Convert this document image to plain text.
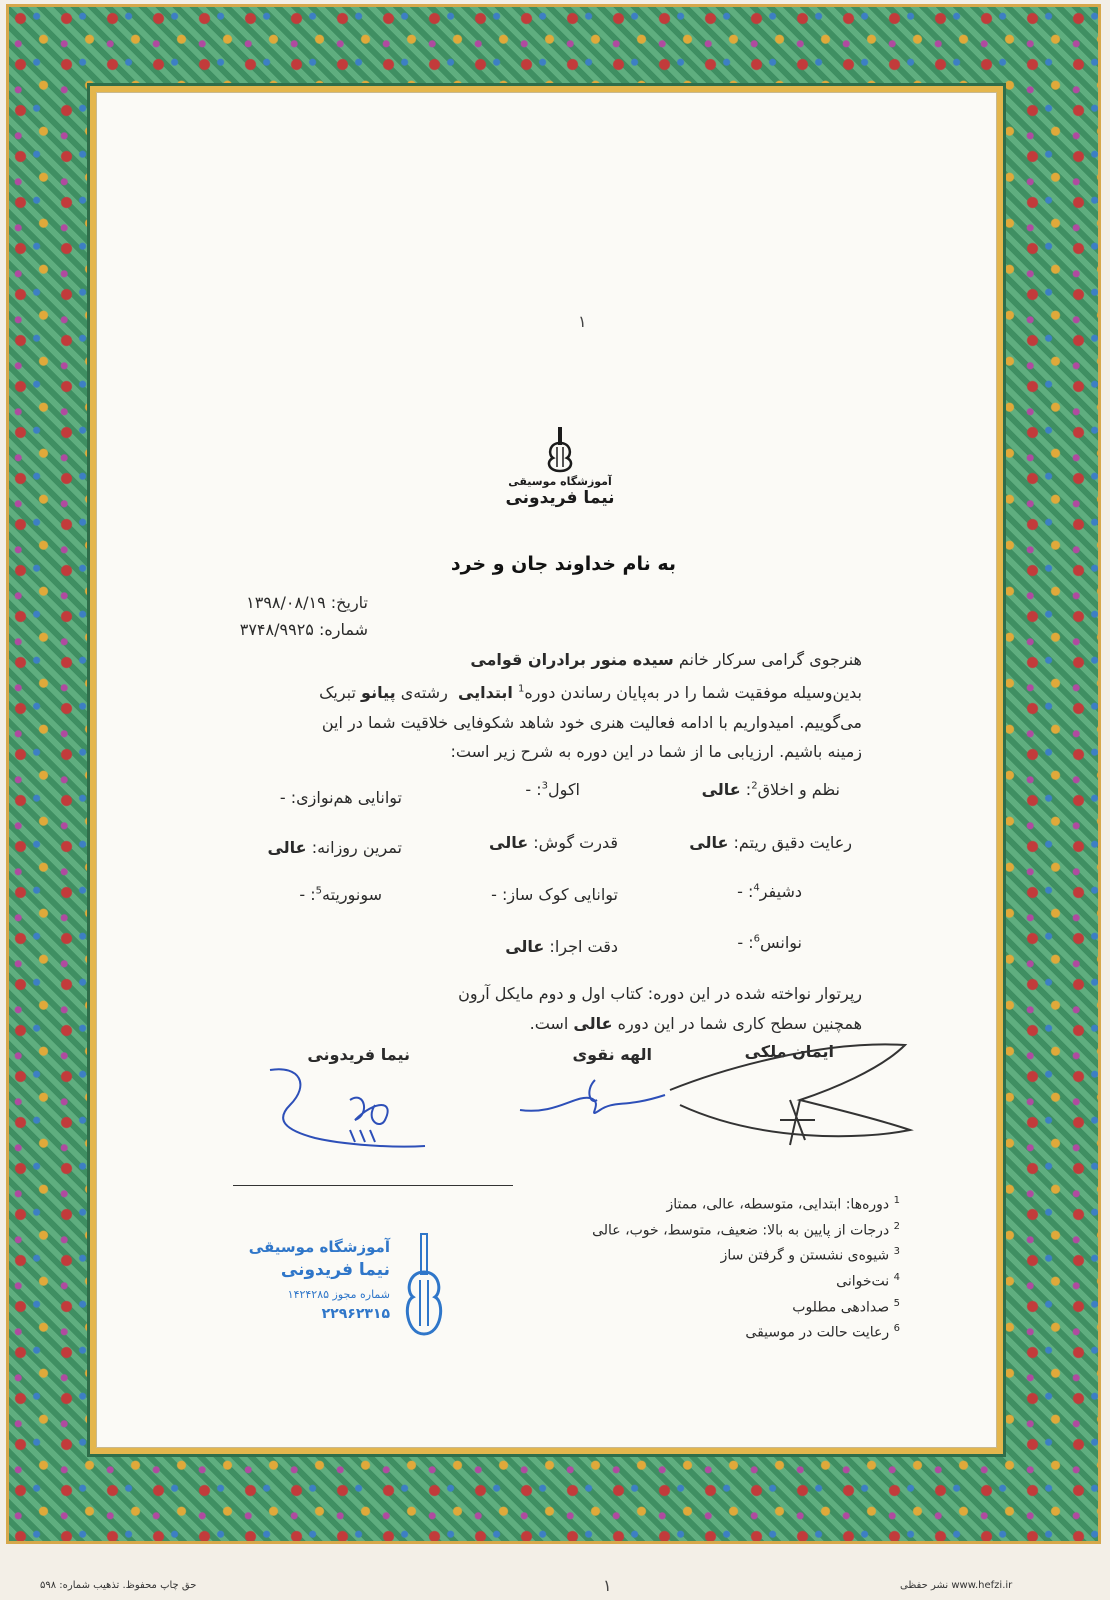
۱
آموزشگاه موسیقی
نیما فریدونی
به نام خداوند جان و خرد
تاریخ: ۱۳۹۸/۰۸/۱۹
شماره: ۳۷۴۸/۹۹۲۵
هنرجوی گرامی سرکار خانم سیده منور برادران قوامی
بدین‌وسیله موفقیت شما را در به‌پایان رساندن دوره$^1$ ابتدایی  رشته‌ی پیانو تبریک
می‌گوییم. امیدواریم با ادامه فعالیت هنری خود شاهد شکوفایی خلاقیت شما در این
زمینه باشیم. ارزیابی ما از شما در این دوره به شرح زیر است:
نظم و اخلاق$^2$: عالی
اکول$^3$: -
توانایی هم‌نوازی: -
رعایت دقیق ریتم: عالی
قدرت گوش: عالی
تمرین روزانه: عالی
دشیفر$^4$: -
توانایی کوک ساز: -
سونوریته$^5$: -
نوانس$^6$: -
دقت اجرا: عالی
رپرتوار نواخته شده در این دوره: کتاب اول و دوم مایکل آرون
همچنین سطح کاری شما در این دوره عالی است.
نیما فریدونی	الهه نقوی	ایمان ملکی
$^1$ دوره‌ها: ابتدایی، متوسطه، عالی، ممتاز
$^2$ درجات از پایین به بالا: ضعیف، متوسط، خوب، عالی
$^3$ شیوه‌ی نشستن و گرفتن ساز
$^4$ نت‌خوانی
$^5$ صدادهی مطلوب
$^6$ رعایت حالت در موسیقی
آموزشگاه موسیقی
نیما فریدونی
شماره مجوز ۱۴۲۴۲۸۵
۲۲۹۶۲۳۱۵
۱
حق چاپ محفوظ. تذهیب شماره: ۵۹۸	www.hefzi.ir نشر حفظی
